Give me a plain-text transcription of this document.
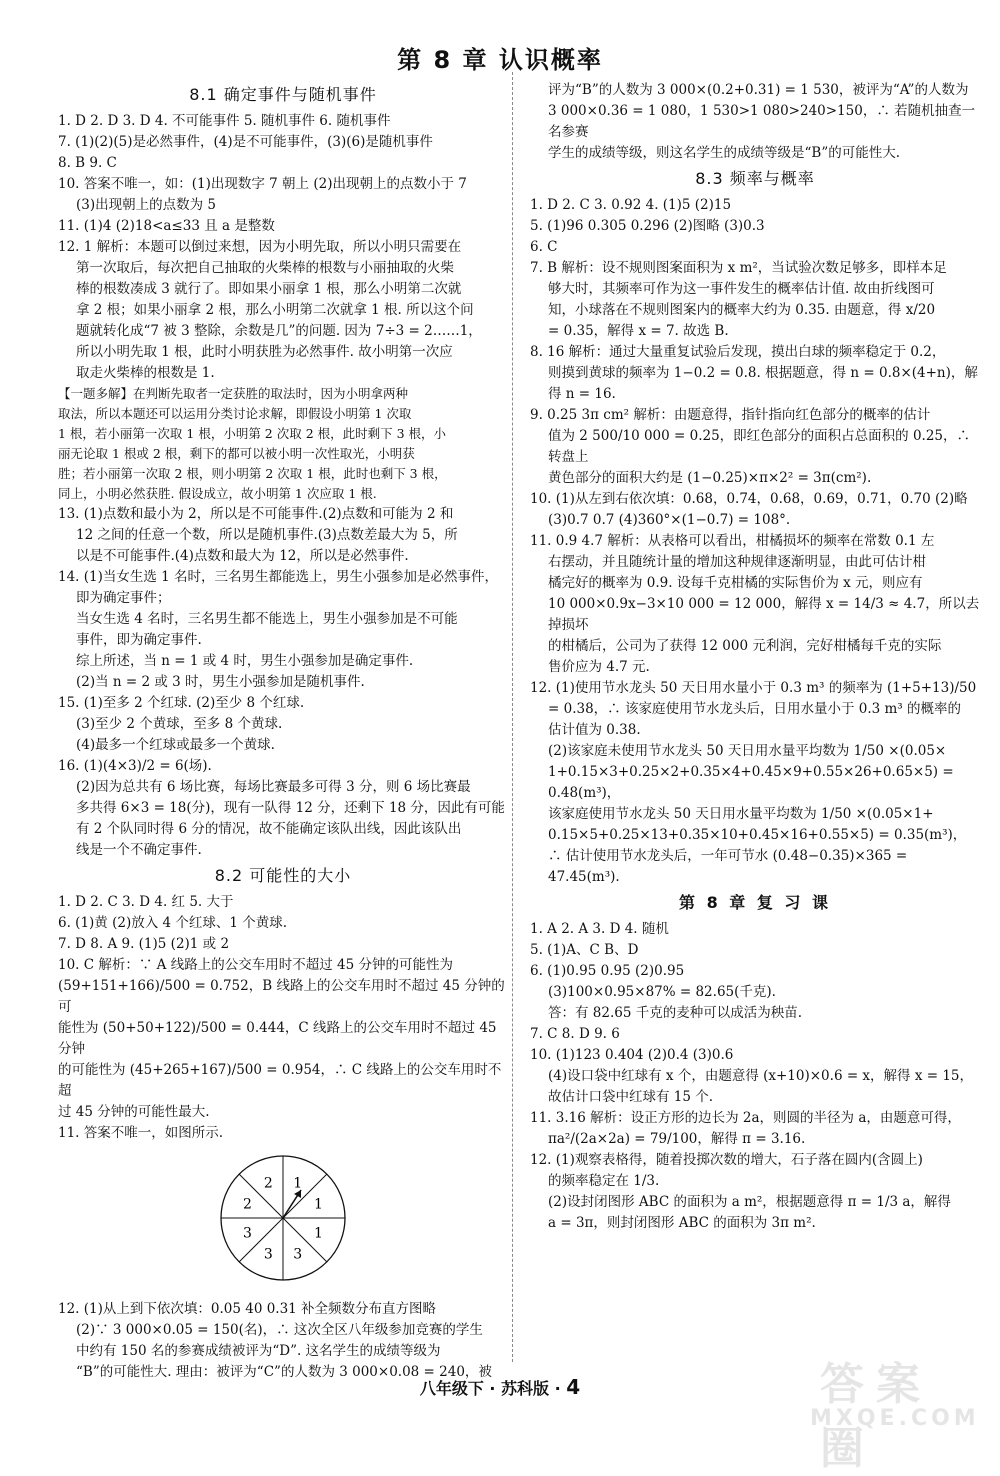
第 8 章 认识概率
8.1 确定事件与随机事件
1. D 2. D 3. D 4. 不可能事件 5. 随机事件 6. 随机事件
7. (1)(2)(5)是必然事件，(4)是不可能事件，(3)(6)是随机事件
8. B 9. C
10. 答案不唯一，如：(1)出现数字 7 朝上 (2)出现朝上的点数小于 7
(3)出现朝上的点数为 5
11. (1)4 (2)18<a≤33 且 a 是整数
12. 1 解析：本题可以倒过来想，因为小明先取，所以小明只需要在
第一次取后，每次把自己抽取的火柴棒的根数与小丽抽取的火柴
棒的根数凑成 3 就行了。即如果小丽拿 1 根，那么小明第二次就
拿 2 根；如果小丽拿 2 根，那么小明第二次就拿 1 根. 所以这个问
题就转化成“7 被 3 整除，余数是几”的问题. 因为 7÷3 = 2……1，
所以小明先取 1 根，此时小明获胜为必然事件. 故小明第一次应
取走火柴棒的根数是 1.
【一题多解】在判断先取者一定获胜的取法时，因为小明拿两种
取法，所以本题还可以运用分类讨论求解，即假设小明第 1 次取
1 根，若小丽第一次取 1 根，小明第 2 次取 2 根，此时剩下 3 根，小
丽无论取 1 根或 2 根，剩下的都可以被小明一次性取光，小明获
胜；若小丽第一次取 2 根，则小明第 2 次取 1 根，此时也剩下 3 根，
同上，小明必然获胜. 假设成立，故小明第 1 次应取 1 根.
13. (1)点数和最小为 2，所以是不可能事件.(2)点数和可能为 2 和
12 之间的任意一个数，所以是随机事件.(3)点数差最大为 5，所
以是不可能事件.(4)点数和最大为 12，所以是必然事件.
14. (1)当女生选 1 名时，三名男生都能选上，男生小强参加是必然事件，
即为确定事件；
当女生选 4 名时，三名男生都不能选上，男生小强参加是不可能
事件，即为确定事件.
综上所述，当 n = 1 或 4 时，男生小强参加是确定事件.
(2)当 n = 2 或 3 时，男生小强参加是随机事件.
15. (1)至多 2 个红球. (2)至少 8 个红球.
(3)至少 2 个黄球，至多 8 个黄球.
(4)最多一个红球或最多一个黄球.
16. (1)(4×3)/2 = 6(场).
(2)因为总共有 6 场比赛，每场比赛最多可得 3 分，则 6 场比赛最
多共得 6×3 = 18(分)，现有一队得 12 分，还剩下 18 分，因此有可能
有 2 个队同时得 6 分的情况，故不能确定该队出线，因此该队出
线是一个不确定事件.
8.2 可能性的大小
1. D 2. C 3. D 4. 红 5. 大于
6. (1)黄 (2)放入 4 个红球、1 个黄球.
7. D 8. A 9. (1)5 (2)1 或 2
10. C 解析：∵ A 线路上的公交车用时不超过 45 分钟的可能性为
(59+151+166)/500 = 0.752，B 线路上的公交车用时不超过 45 分钟的可
能性为 (50+50+122)/500 = 0.444，C 线路上的公交车用时不超过 45 分钟
的可能性为 (45+265+167)/500 = 0.954，∴ C 线路上的公交车用时不超
过 45 分钟的可能性最大.
11. 答案不唯一，如图所示.
1
1
1
3
3
3
2
2
12. (1)从上到下依次填：0.05 40 0.31 补全频数分布直方图略
(2)∵ 3 000×0.05 = 150(名)，∴ 这次全区八年级参加竞赛的学生
中约有 150 名的参赛成绩被评为“D”. 这名学生的成绩等级为
“B”的可能性大. 理由：被评为“C”的人数为 3 000×0.08 = 240，被
评为“B”的人数为 3 000×(0.2+0.31) = 1 530，被评为“A”的人数为
3 000×0.36 = 1 080，1 530>1 080>240>150，∴ 若随机抽查一名参赛
学生的成绩等级，则这名学生的成绩等级是“B”的可能性大.
8.3 频率与概率
1. D 2. C 3. 0.92 4. (1)5 (2)15
5. (1)96 0.305 0.296 (2)图略 (3)0.3
6. C
7. B 解析：设不规则图案面积为 x m²，当试验次数足够多，即样本足
够大时，其频率可作为这一事件发生的概率估计值. 故由折线图可
知，小球落在不规则图案内的概率大约为 0.35. 由题意，得 x/20
= 0.35，解得 x = 7. 故选 B.
8. 16 解析：通过大量重复试验后发现，摸出白球的频率稳定于 0.2，
则摸到黄球的频率为 1−0.2 = 0.8. 根据题意，得 n = 0.8×(4+n)，解
得 n = 16.
9. 0.25 3π cm² 解析：由题意得，指针指向红色部分的概率的估计
值为 2 500/10 000 = 0.25，即红色部分的面积占总面积的 0.25，∴ 转盘上
黄色部分的面积大约是 (1−0.25)×π×2² = 3π(cm²).
10. (1)从左到右依次填：0.68，0.74，0.68，0.69，0.71，0.70 (2)略
(3)0.7 0.7 (4)360°×(1−0.7) = 108°.
11. 0.9 4.7 解析：从表格可以看出，柑橘损坏的频率在常数 0.1 左
右摆动，并且随统计量的增加这种规律逐渐明显，由此可估计柑
橘完好的概率为 0.9. 设每千克柑橘的实际售价为 x 元，则应有
10 000×0.9x−3×10 000 = 12 000，解得 x = 14/3 ≈ 4.7，所以去掉损坏
的柑橘后，公司为了获得 12 000 元利润，完好柑橘每千克的实际
售价应为 4.7 元.
12. (1)使用节水龙头 50 天日用水量小于 0.3 m³ 的频率为 (1+5+13)/50
= 0.38，∴ 该家庭使用节水龙头后，日用水量小于 0.3 m³ 的概率的
估计值为 0.38.
(2)该家庭未使用节水龙头 50 天日用水量平均数为 1/50 ×(0.05×
1+0.15×3+0.25×2+0.35×4+0.45×9+0.55×26+0.65×5) = 0.48(m³)，
该家庭使用节水龙头 50 天日用水量平均数为 1/50 ×(0.05×1+
0.15×5+0.25×13+0.35×10+0.45×16+0.55×5) = 0.35(m³)，
∴ 估计使用节水龙头后，一年可节水 (0.48−0.35)×365 = 47.45(m³).
第 8 章 复 习 课
1. A 2. A 3. D 4. 随机
5. (1)A、C B、D
6. (1)0.95 0.95 (2)0.95
(3)100×0.95×87% = 82.65(千克).
答：有 82.65 千克的麦种可以成活为秧苗.
7. C 8. D 9. 6
10. (1)123 0.404 (2)0.4 (3)0.6
(4)设口袋中红球有 x 个，由题意得 (x+10)×0.6 = x，解得 x = 15，
故估计口袋中红球有 15 个.
11. 3.16 解析：设正方形的边长为 2a，则圆的半径为 a，由题意可得，
πa²/(2a×2a) = 79/100，解得 π = 3.16.
12. (1)观察表格得，随着投掷次数的增大，石子落在圆内(含圆上)
的频率稳定在 1/3.
(2)设封闭图形 ABC 的面积为 a m²，根据题意得 π = 1/3 a，解得
a = 3π，则封闭图形 ABC 的面积为 3π m².
八年级下 · 苏科版 · 4	答案圈
MXQE.COM
